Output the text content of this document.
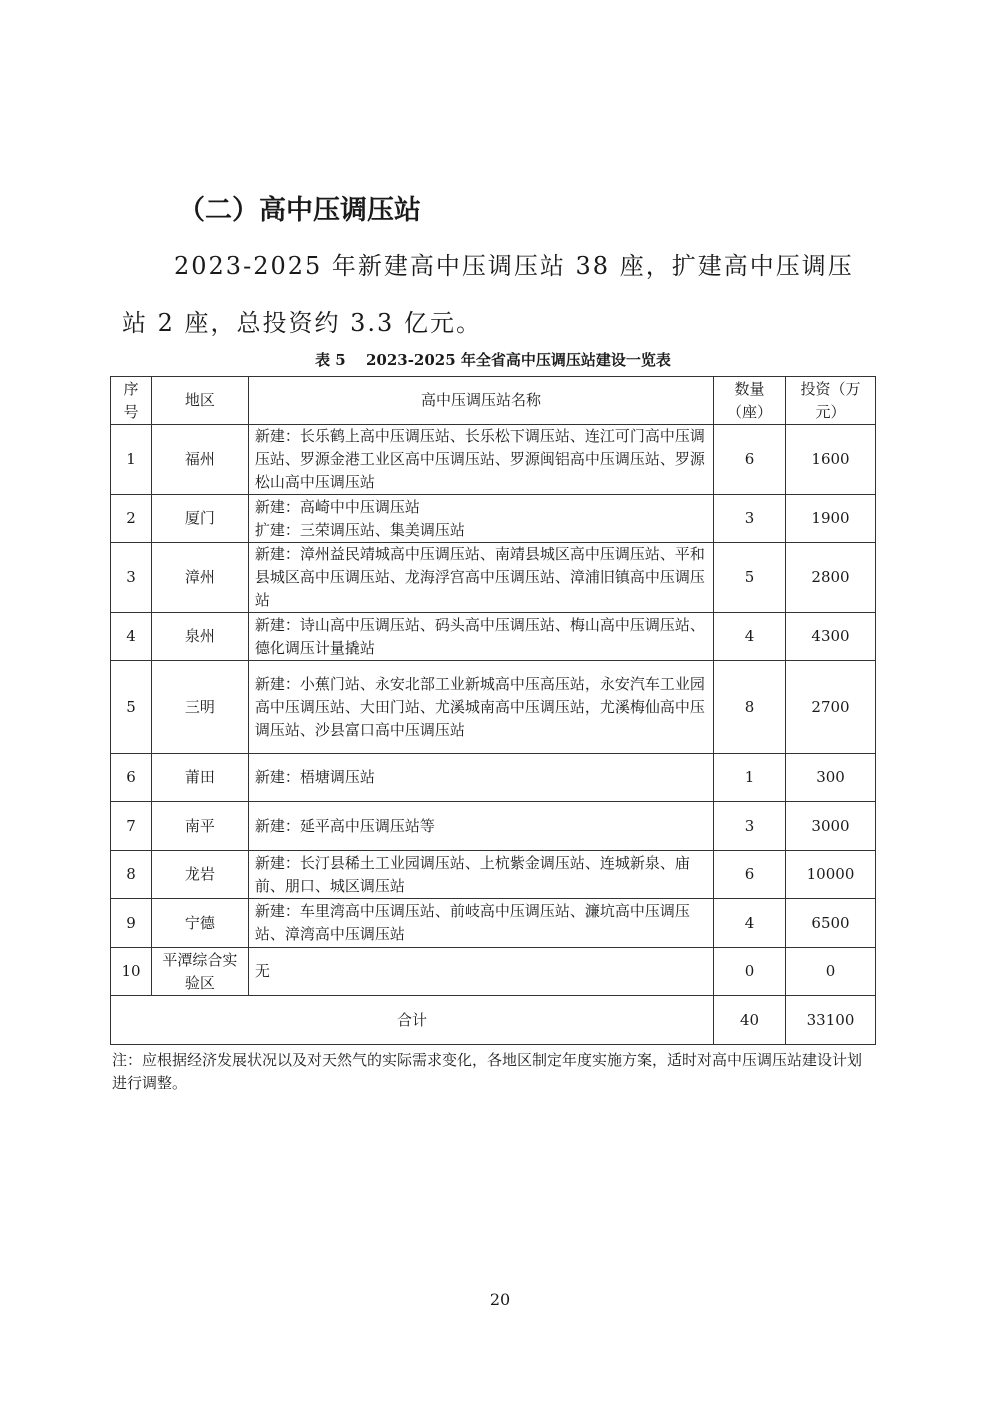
（二）高中压调压站

2023-2025 年新建高中压调压站 38 座，扩建高中压调压站 2 座，总投资约 3.3 亿元。

表 5　 2023-2025 年全省高中压调压站建设一览表

序号	地区	高中压调压站名称	数量（座）	投资（万元）
1	福州	新建：长乐鹤上高中压调压站、长乐松下调压站、连江可门高中压调压站、罗源金港工业区高中压调压站、罗源闽铝高中压调压站、罗源松山高中压调压站	6	1600
2	厦门	新建：高崎中中压调压站
扩建：三荣调压站、集美调压站	3	1900
3	漳州	新建：漳州益民靖城高中压调压站、南靖县城区高中压调压站、平和县城区高中压调压站、龙海浮宫高中压调压站、漳浦旧镇高中压调压站	5	2800
4	泉州	新建：诗山高中压调压站、码头高中压调压站、梅山高中压调压站、德化调压计量撬站	4	4300
5	三明	新建：小蕉门站、永安北部工业新城高中压高压站，永安汽车工业园高中压调压站、大田门站、尤溪城南高中压调压站，尤溪梅仙高中压调压站、沙县富口高中压调压站	8	2700
6	莆田	新建：梧塘调压站	1	300
7	南平	新建：延平高中压调压站等	3	3000
8	龙岩	新建：长汀县稀土工业园调压站、上杭紫金调压站、连城新泉、庙前、朋口、城区调压站	6	10000
9	宁德	新建：车里湾高中压调压站、前岐高中压调压站、濂坑高中压调压站、漳湾高中压调压站	4	6500
10	平潭综合实验区	无	0	0
合计			40	33100

注：应根据经济发展状况以及对天然气的实际需求变化，各地区制定年度实施方案，适时对高中压调压站建设计划进行调整。

20
